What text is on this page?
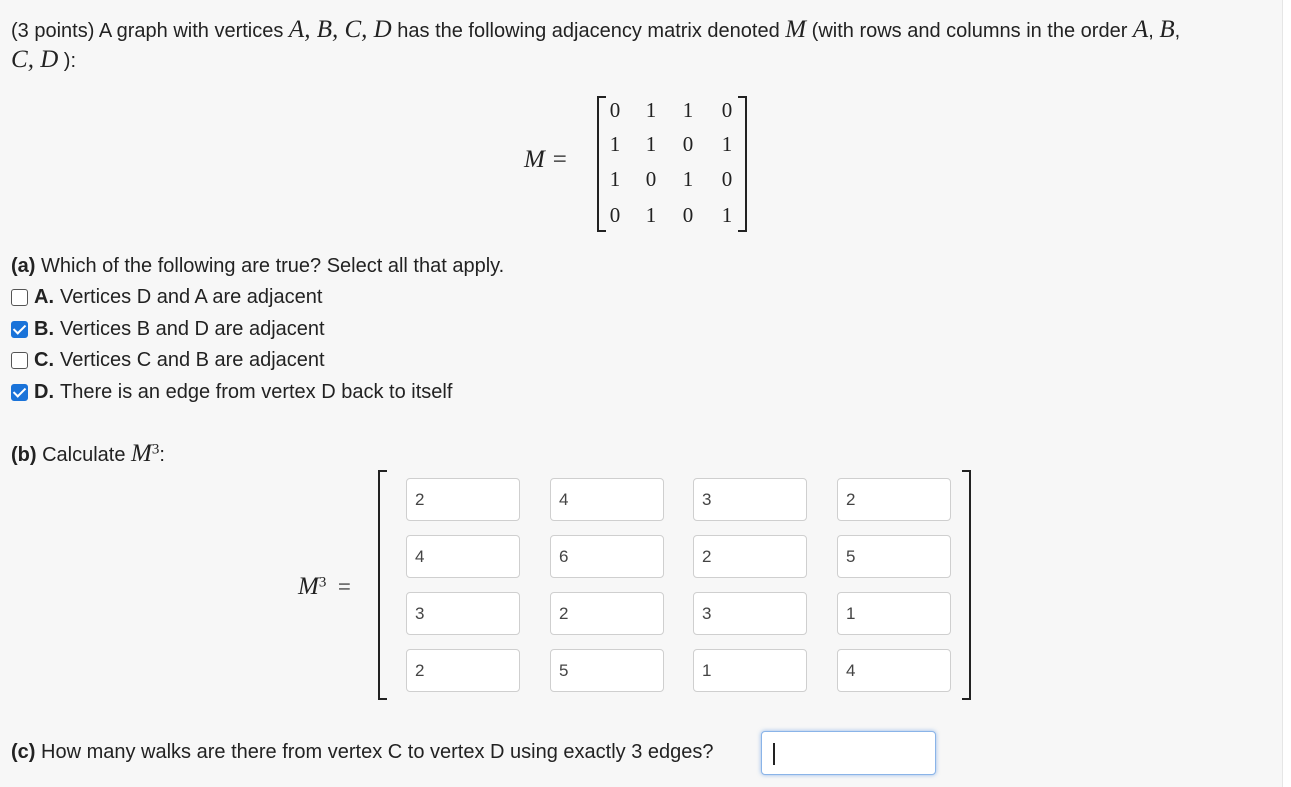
(3 points) A graph with vertices A, B, C, D has the following adjacency matrix denoted M (with rows and columns in the order A, B,
C, D ):
M =
0 1 1 0
1 1 0 1
1 0 1 0
0 1 0 1
(a) Which of the following are true? Select all that apply.
A. Vertices D and A are adjacent
B. Vertices B and D are adjacent
C. Vertices C and B are adjacent
D. There is an edge from vertex D back to itself
(b) Calculate $M^3$:
$M^3$ =
2	4	3	2
4	6	2	5
3	2	3	1
2	5	1	4
(c) How many walks are there from vertex C to vertex D using exactly 3 edges?
